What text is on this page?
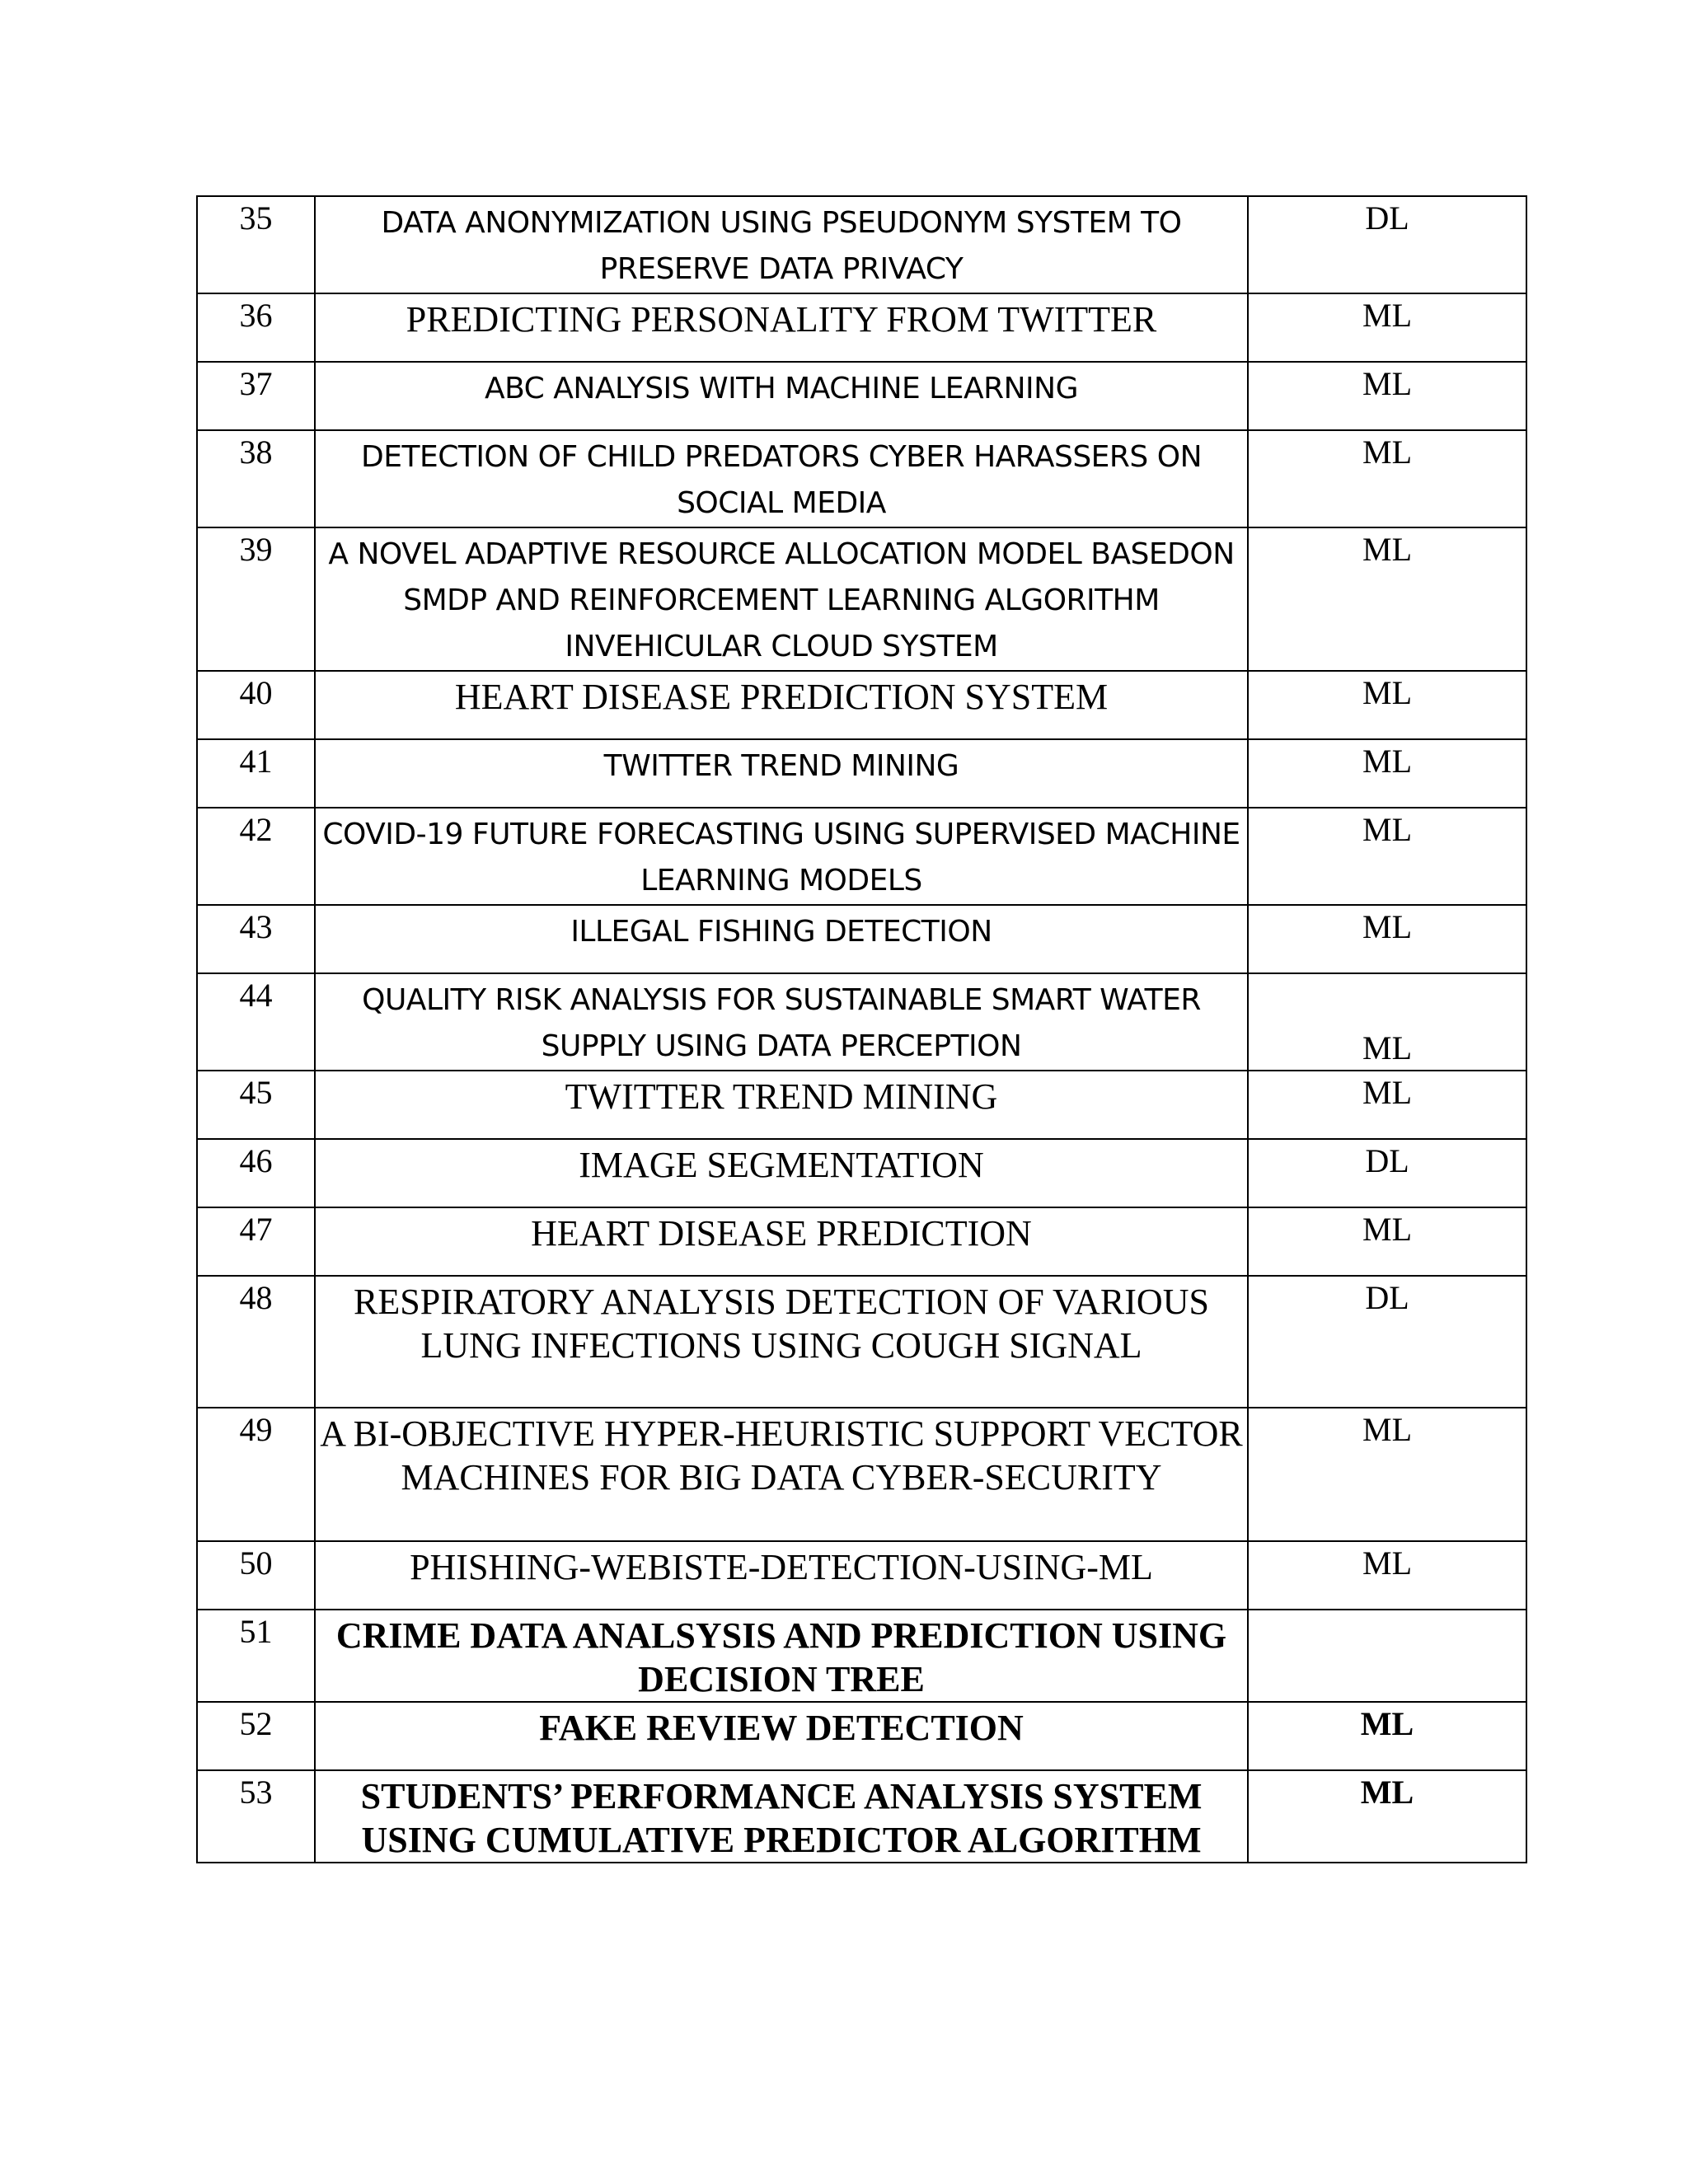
35	DATA ANONYMIZATION USING PSEUDONYM SYSTEM TO PRESERVE DATA PRIVACY	DL
36	PREDICTING PERSONALITY FROM TWITTER	ML
37	ABC ANALYSIS WITH MACHINE LEARNING	ML
38	DETECTION OF CHILD PREDATORS CYBER HARASSERS ON SOCIAL MEDIA	ML
39	A NOVEL ADAPTIVE RESOURCE ALLOCATION MODEL BASEDON SMDP AND REINFORCEMENT LEARNING ALGORITHM INVEHICULAR CLOUD SYSTEM	ML
40	HEART DISEASE PREDICTION SYSTEM	ML
41	TWITTER TREND MINING	ML
42	COVID-19 FUTURE FORECASTING USING SUPERVISED MACHINE LEARNING MODELS	ML
43	ILLEGAL FISHING DETECTION	ML
44	QUALITY RISK ANALYSIS FOR SUSTAINABLE SMART WATER SUPPLY USING DATA PERCEPTION	ML
45	TWITTER TREND MINING	ML
46	IMAGE SEGMENTATION	DL
47	HEART DISEASE PREDICTION	ML
48	RESPIRATORY ANALYSIS DETECTION OF VARIOUS LUNG INFECTIONS USING COUGH SIGNAL	DL
49	A BI-OBJECTIVE HYPER-HEURISTIC SUPPORT VECTOR MACHINES FOR BIG DATA CYBER-SECURITY	ML
50	PHISHING-WEBISTE-DETECTION-USING-ML	ML
51	CRIME DATA ANALSYSIS AND PREDICTION USING DECISION TREE	
52	FAKE REVIEW DETECTION	ML
53	STUDENTS’ PERFORMANCE ANALYSIS SYSTEM USING CUMULATIVE PREDICTOR ALGORITHM	ML
